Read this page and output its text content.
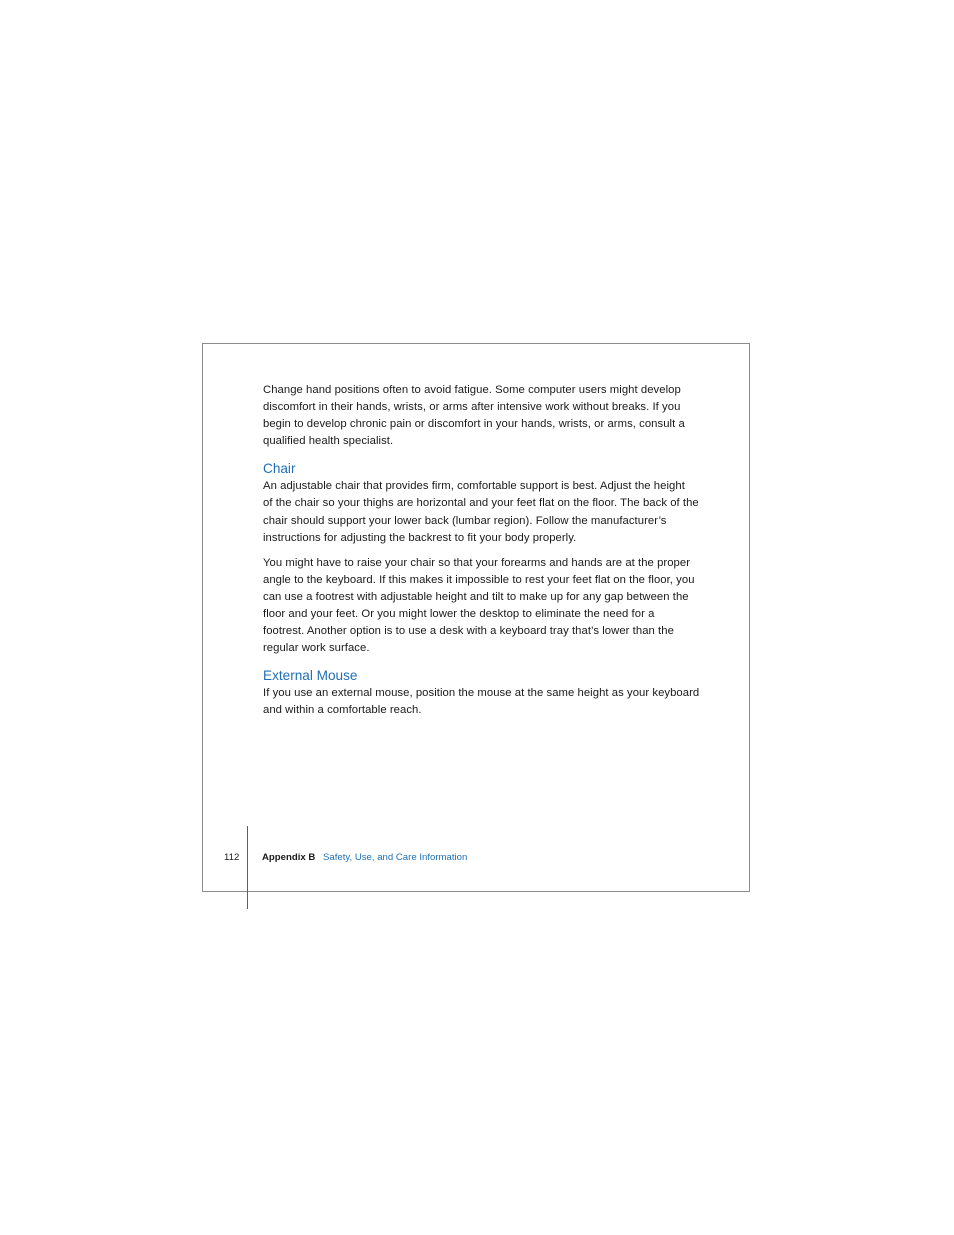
Change hand positions often to avoid fatigue. Some computer users might develop
discomfort in their hands, wrists, or arms after intensive work without breaks. If you
begin to develop chronic pain or discomfort in your hands, wrists, or arms, consult a
qualified health specialist.

Chair

An adjustable chair that provides firm, comfortable support is best. Adjust the height
of the chair so your thighs are horizontal and your feet flat on the floor. The back of the
chair should support your lower back (lumbar region). Follow the manufacturer’s
instructions for adjusting the backrest to fit your body properly.

You might have to raise your chair so that your forearms and hands are at the proper
angle to the keyboard. If this makes it impossible to rest your feet flat on the floor, you
can use a footrest with adjustable height and tilt to make up for any gap between the
floor and your feet. Or you might lower the desktop to eliminate the need for a
footrest. Another option is to use a desk with a keyboard tray that’s lower than the
regular work surface.

External Mouse

If you use an external mouse, position the mouse at the same height as your keyboard
and within a comfortable reach.

112 Appendix B Safety, Use, and Care Information
